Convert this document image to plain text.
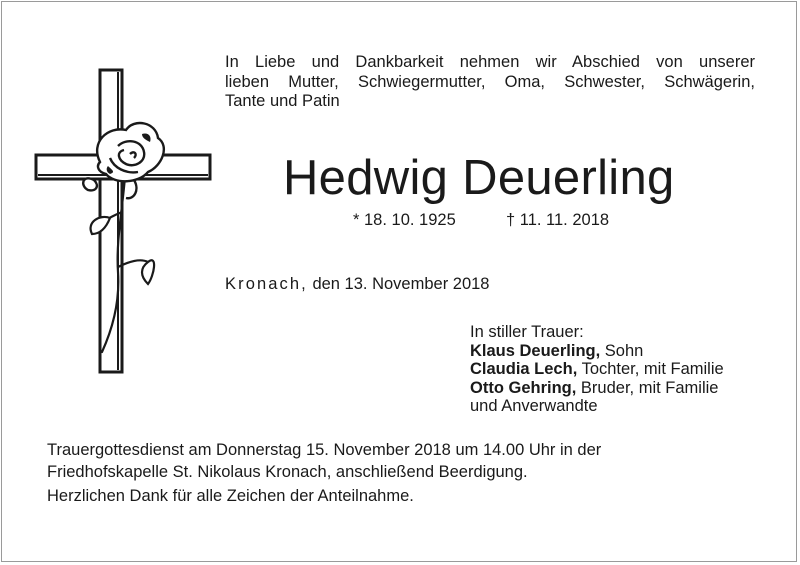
In Liebe und Dankbarkeit nehmen wir Abschied von unserer
lieben Mutter, Schwiegermutter, Oma, Schwester, Schwägerin,
Tante und Patin

Hedwig Deuerling
* 18. 10. 1925	† 11. 11. 2018
Kronach, den 13. November 2018
In stiller Trauer:
Klaus Deuerling, Sohn
Claudia Lech, Tochter, mit Familie
Otto Gehring, Bruder, mit Familie
und Anverwandte
Trauergottesdienst am Donnerstag 15. November 2018 um 14.00 Uhr in der
Friedhofskapelle St. Nikolaus Kronach, anschließend Beerdigung.
Herzlichen Dank für alle Zeichen der Anteilnahme.
